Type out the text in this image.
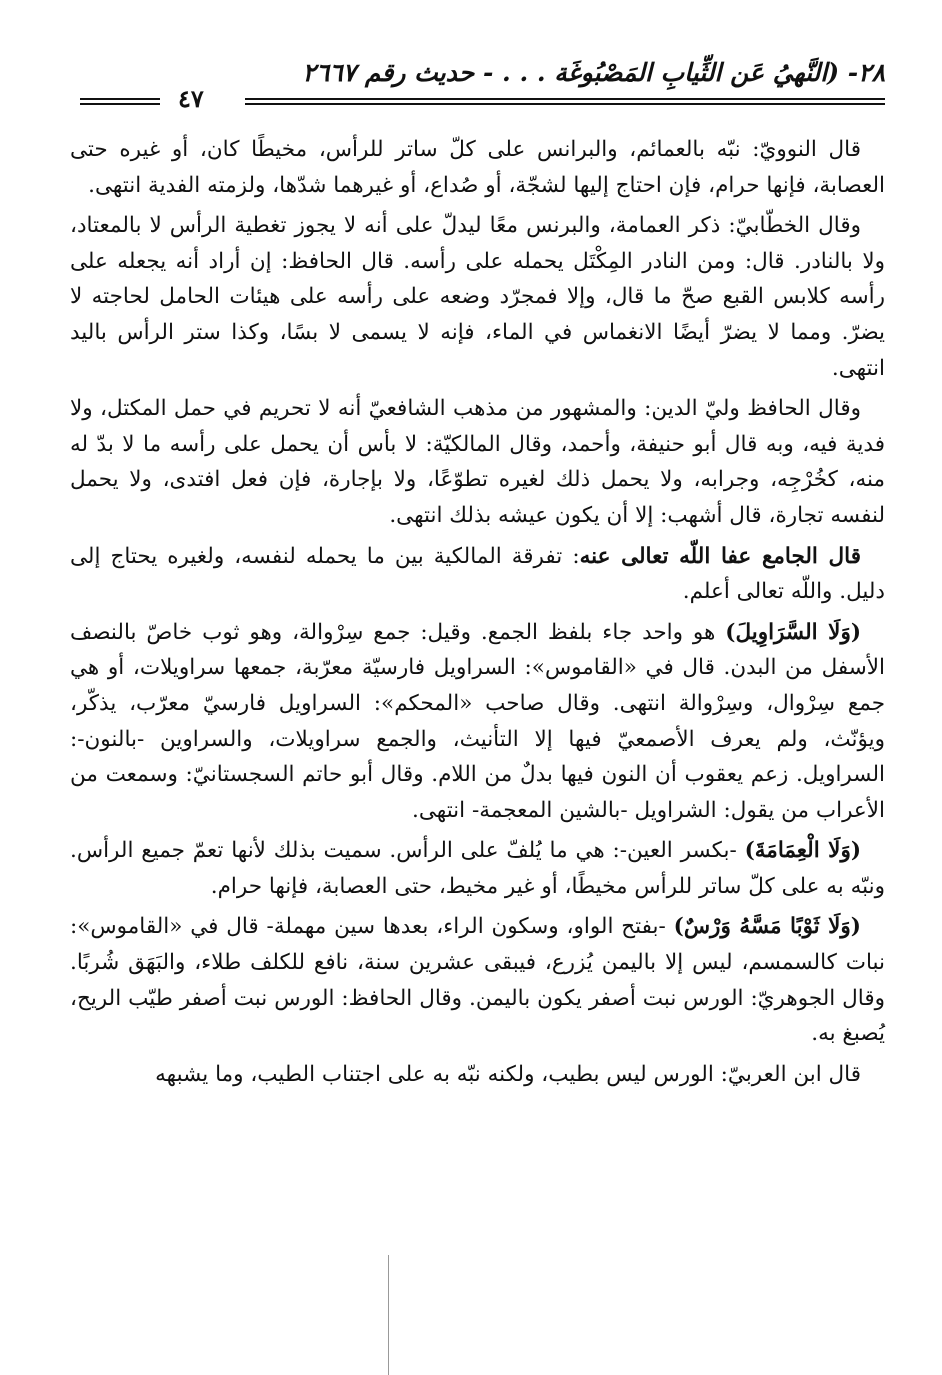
٢٨- (النَّهيُ عَن الثِّيابِ المَصْبُوغَة . . . - حديث رقم ٢٦٦٧
٤٧

قال النوويّ: نبّه بالعمائم، والبرانس على كلّ ساتر للرأس، مخيطًا كان، أو غيره حتى العصابة، فإنها حرام، فإن احتاج إليها لشجّة، أو صُداع، أو غيرهما شدّها، ولزمته الفدية انتهى.

وقال الخطّابيّ: ذكر العمامة، والبرنس معًا ليدلّ على أنه لا يجوز تغطية الرأس لا بالمعتاد، ولا بالنادر. قال: ومن النادر المِكْتَل يحمله على رأسه. قال الحافظ: إن أراد أنه يجعله على رأسه كلابس القبع صحّ ما قال، وإلا فمجرّد وضعه على رأسه على هيئات الحامل لحاجته لا يضرّ. ومما لا يضرّ أيضًا الانغماس في الماء، فإنه لا يسمى لا بسًا، وكذا ستر الرأس باليد انتهى.

وقال الحافظ وليّ الدين: والمشهور من مذهب الشافعيّ أنه لا تحريم في حمل المكتل، ولا فدية فيه، وبه قال أبو حنيفة، وأحمد، وقال المالكيّة: لا بأس أن يحمل على رأسه ما لا بدّ له منه، كخُرْجِه، وجرابه، ولا يحمل ذلك لغيره تطوّعًا، ولا بإجارة، فإن فعل افتدى، ولا يحمل لنفسه تجارة، قال أشهب: إلا أن يكون عيشه بذلك انتهى.

قال الجامع عفا اللّه تعالى عنه: تفرقة المالكية بين ما يحمله لنفسه، ولغيره يحتاج إلى دليل. واللّه تعالى أعلم.

(وَلَا السَّرَاوِيلَ) هو واحد جاء بلفظ الجمع. وقيل: جمع سِرْوالة، وهو ثوب خاصّ بالنصف الأسفل من البدن. قال في «القاموس»: السراويل فارسيّة معرّبة، جمعها سراويلات، أو هي جمع سِرْوال، وسِرْوالة انتهى. وقال صاحب «المحكم»: السراويل فارسيّ معرّب، يذكّر، ويؤنّث، ولم يعرف الأصمعيّ فيها إلا التأنيث، والجمع سراويلات، والسراوين -بالنون-: السراويل. زعم يعقوب أن النون فيها بدلٌ من اللام. وقال أبو حاتم السجستانيّ: وسمعت من الأعراب من يقول: الشراويل -بالشين المعجمة- انتهى.

(وَلَا الْعِمَامَةَ) -بكسر العين-: هي ما يُلفّ على الرأس. سميت بذلك لأنها تعمّ جميع الرأس. ونبّه به على كلّ ساتر للرأس مخيطًا، أو غير مخيط، حتى العصابة، فإنها حرام.

(وَلَا ثَوْبًا مَسَّهُ وَرْسٌ) -بفتح الواو، وسكون الراء، بعدها سين مهملة- قال في «القاموس»: نبات كالسمسم، ليس إلا باليمن يُزرع، فيبقى عشرين سنة، نافع للكلف طلاء، والبَهَق شُربًا. وقال الجوهريّ: الورس نبت أصفر يكون باليمن. وقال الحافظ: الورس نبت أصفر طيّب الريح، يُصبغ به.

قال ابن العربيّ: الورس ليس بطيب، ولكنه نبّه به على اجتناب الطيب، وما يشبهه
